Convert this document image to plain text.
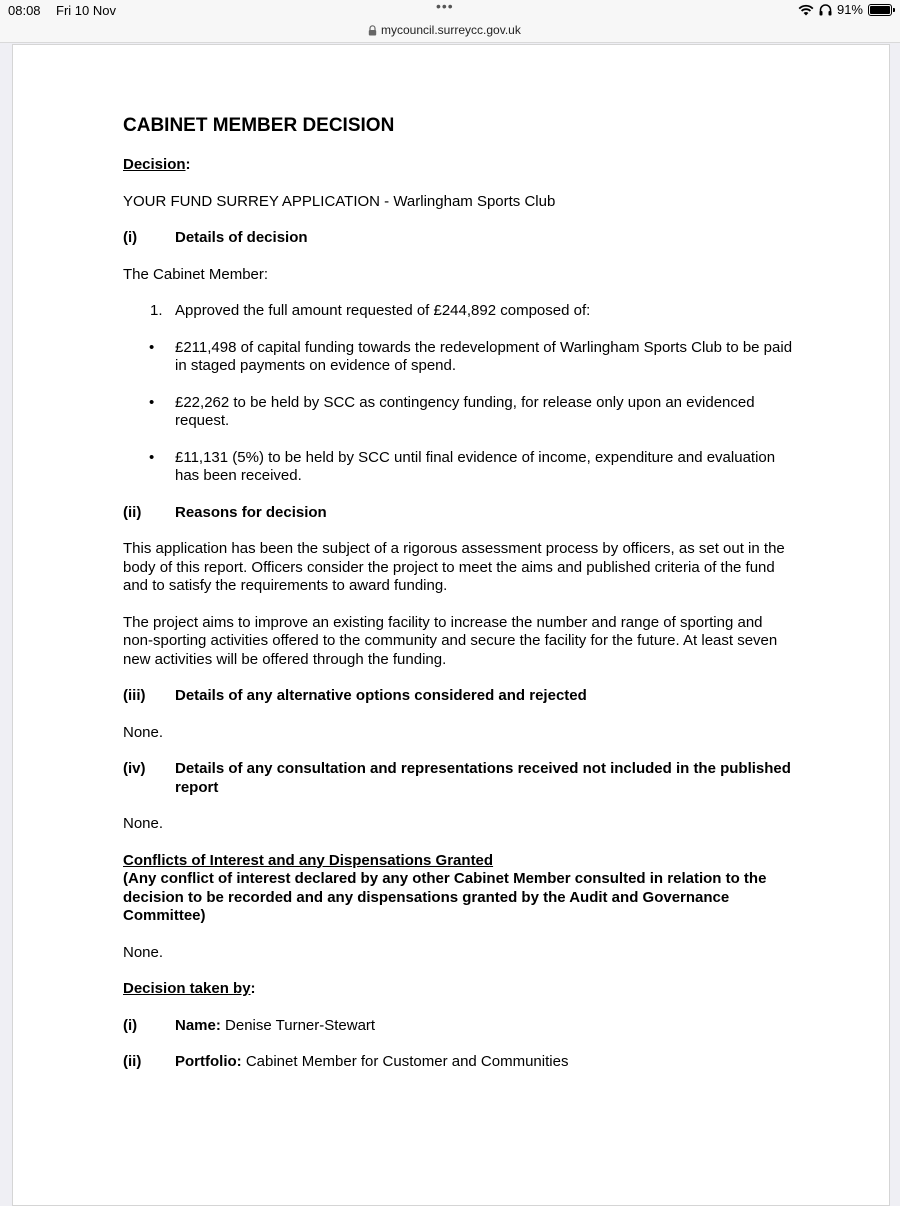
08:08 Fri 10 Nov	•••	91%
mycouncil.surreycc.gov.uk
CABINET MEMBER DECISION

Decision:

YOUR FUND SURREY APPLICATION - Warlingham Sports Club

(i)	Details of decision

The Cabinet Member:

1. Approved the full amount requested of £244,892 composed of:
•	£211,498 of capital funding towards the redevelopment of Warlingham Sports Club to be paid in staged payments on evidence of spend.
•	£22,262 to be held by SCC as contingency funding, for release only upon an evidenced request.
•	£11,131 (5%) to be held by SCC until final evidence of income, expenditure and evaluation has been received.
(ii)	Reasons for decision

This application has been the subject of a rigorous assessment process by officers, as set out in the body of this report. Officers consider the project to meet the aims and published criteria of the fund and to satisfy the requirements to award funding.

The project aims to improve an existing facility to increase the number and range of sporting and non-sporting activities offered to the community and secure the facility for the future. At least seven new activities will be offered through the funding.

(iii)	Details of any alternative options considered and rejected

None.

(iv)	Details of any consultation and representations received not included in the published report

None.

Conflicts of Interest and any Dispensations Granted

(Any conflict of interest declared by any other Cabinet Member consulted in relation to the decision to be recorded and any dispensations granted by the Audit and Governance Committee)

None.

Decision taken by:

(i)	Name: Denise Turner-Stewart
(ii)	Portfolio: Cabinet Member for Customer and Communities
